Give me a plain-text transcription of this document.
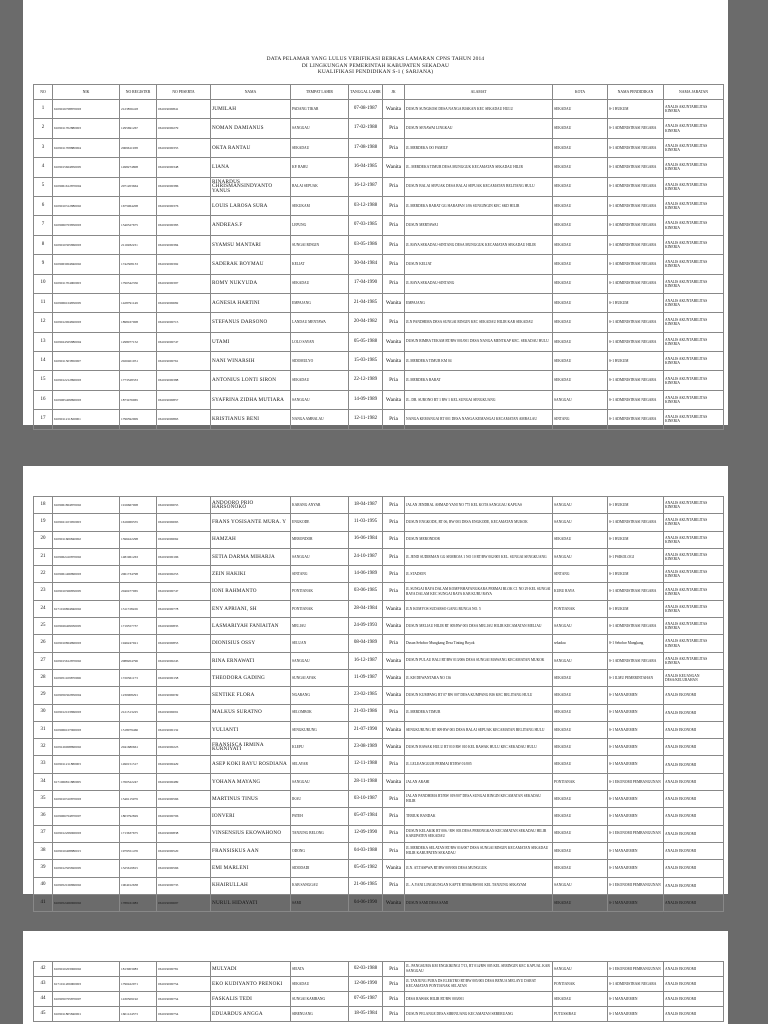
DATA PELAMAR YANG LULUS VERIFIKASI BERKAS LAMARAN CPNS TAHUN 2014
DI LINGKUNGAN PEMERINTAH KABUPATEN SEKADAU
KUALIFIKASI PENDIDIKAN S-1 ( SARJANA)
NO	NIK	NO REGISTER	NO PESERTA	NAMA	TEMPAT LAHIR	TANGGAL LAHIR	JK	ALAMAT	KOTA	NAMA PENDIDIKAN	NAMA JABATAN
1	6109016708870003	2123856418	061019000841	JUMILAH	PADANG TIKAR	07-08-1987	Wanita	DUSUN SUNGKOSI DESA NANGA BIAKAN KEC SEKADAU HULU	SEKADAU	S-1 HUKUM	ANALIS AKUNTABILITAS KINERJA
2	6109011702880003	1295691267	061019000279	NOMAN DAMIANUS	SANGGAU	17-02-1988	Pria	DUSUN SENAWAI LINGKAU	SEKADAU	S-1 ADMINISTRASI NEGARA	ANALIS AKUNTABILITAS KINERJA
3	6109011708880004	2069611938	061019000355	OKTA RANTAU	SEKADAU	17-08-1988	Pria	JL MERDEKA OO FAMILY	SEKADAU	S-1 ADMINISTRASI NEGARA	ANALIS AKUNTABILITAS KINERJA
4	6109015604850005	1498274808	061019000348	LIANA	KP. BARU	16-04-1985	Wanita	JL. MERDEKA TIMUR DESA MUNGGUK KECAMATAN SEKADAU HILIR	SEKADAU	S-1 ADMINISTRASI NEGARA	ANALIS AKUNTABILITAS KINERJA
5	6109061612870004	2071203664	061019000386	RINARDUS CHRISMANSINDYANTO YANUS	BALAI SEPUAK	16-12-1987	Pria	DUSUN BALAI SEPUAK DESA BALAI SEPUAK KECAMATAN BELITANG HULU	SEKADAU	S-1 ADMINISTRASI NEGARA	ANALIS AKUNTABILITAS KINERJA
6	6109010312880002	1675964208	061019000376	LOUIS LAROSA SURA	SEKUKAM	03-12-1988	Pria	JL MERDEKA BARAT GG HARAPAN 1/06 SUNGINGIN KEC SKD HILIR	SEKADAU	S-1 ADMINISTRASI NEGARA	ANALIS AKUNTABILITAS KINERJA
7	6109060703850003	1540327675	061019000383	ANDREAS.F	LEPUNG	07-03-1985	Pria	DUSUN MERTAWAI	SEKADAU	S-1 ADMINISTRASI NEGARA	ANALIS AKUNTABILITAS KINERJA
8	6109010305860003	2110282231	061019000384	SYAMSU MANTARI	SUNGAI RINGIN	03-05-1986	Pria	JL RAYA SEKADAU-SINTANG DESA MUNGGUK KECAMATAN SEKADAU HILIR	SEKADAU	S-1 ADMINISTRASI NEGARA	ANALIS AKUNTABILITAS KINERJA
9	6109063004840002	1742308133	061019000392	SADERAK BOYMAU	KELIAT	30-04-1984	Pria	DUSUN KELIAT	SEKADAU	S-1 ADMINISTRASI NEGARA	ANALIS AKUNTABILITAS KINERJA
10	6109011704900003	1790342356	061019000397	ROMY NUKYUDA	SEKADAU	17-04-1990	Pria	JL RAYA SEKADAU-SINTANG	SEKADAU	S-1 ADMINISTRASI NEGARA	ANALIS AKUNTABILITAS KINERJA
11	6109066104850005	1428791149	061019000682	AGNESIA HARTINI	EMPAJANG	21-04-1985	Wanita	EMPAJANG	SEKADAU	S-1 HUKUM	ANALIS AKUNTABILITAS KINERJA
12	6109012004820003	1898167008	061019000715	STEFANUS DARSONO	LANDAU MENTAWA	20-04-1982	Pria	JLN PANDHIMA DESA SUNGAI RINGIN KEC SEKADAU HILIR KAB SEKADAU	SEKADAU	S-1 ADMINISTRASI NEGARA	ANALIS AKUNTABILITAS KINERJA
13	6109024505880004	1298077152	061019000747	UTAMI	LOLO SAYAN	05-05-1988	Wanita	DUSUN RIMBA TEKAM RT/RW 001/001 DESA NANGA MENTKAP KEC. SEKADAU HULU	SEKADAU	S-1 ADMINISTRASI NEGARA	ANALIS AKUNTABILITAS KINERJA
14	6109011503850007	2020401051	061019000761	NANI WINARSIH	SIDOMULYO	15-03-1985	Wanita	JL MERDEKA TIMUR KM 04	SEKADAU	S-1 HUKUM	ANALIS AKUNTABILITAS KINERJA
15	6109012212890003	1773328333	061019000388	ANTONIUS LONTI SIRON	SEKADAU	22-12-1989	Pria	JL MERDEKA BARAT	SEKADAU	S-1 ADMINISTRASI NEGARA	ANALIS AKUNTABILITAS KINERJA
16	6109065409890003	1873476965	061019000857	SYAFRINA ZIDHA MUTIARA	SANGGAU	14-09-1989	Wanita	JL. DR. SURONO RT 1 RW 1 KEL SUNGAI SENGKUANG	SANGGAU	S-1 ADMINISTRASI NEGARA	ANALIS AKUNTABILITAS KINERJA
17	6109011211820001	1796592909	061019000863	KRISTIANUS BENI	NANGA AMBALAU	12-11-1982	Pria	NANGA KEMANGAI RT 001 DESA NANGA KEMANGAI KECAMATAN AMBALAU	SINTANG	S-1 ADMINISTRASI NEGARA	ANALIS AKUNTABILITAS KINERJA
18	6109061804870002	1916667008	061019000055	ANDOORO PRIO HARSONOKO	KARANG ANYAR	18-04-1987	Pria	JALAN JENDRAL AHMAD YANI NO 775 KEL KOTA SANGGAU KAPUAS	SANGGAU	S-1 HUKUM	ANALIS AKUNTABILITAS KINERJA
19	6109021103950003	1616069555	061019000065	FRANS YOSISANTE MURA. Y	ENGKODE	11-03-1995	Pria	DUSUN ENGKODE, RT 06, RW 003 DESA ENGKODE, KECAMATAN MUKOK	SANGGAU	S-1 ADMINISTRASI NEGARA	ANALIS AKUNTABILITAS KINERJA
20	6109011606840002	1596422298	061019000062	HAMZAH	MERONDOR	16-06-1984	Pria	DUSUN MERONDOR	SEKADAU	S-1 HUKUM	ANALIS AKUNTABILITAS KINERJA
21	6109062410870002	1481961263	061019000196	SETIA DARMA MIHARJA	SANGGAU	24-10-1987	Pria	JL JEND SUDIRMAN GG SEMBOJA 1 NO 10 RT/RW 002/005 KEL. SUNGAI SENGKUANG	SANGGAU	S-1 PSIKOLOGI	ANALIS AKUNTABILITAS KINERJA
22	6109061406890003	2061734798	061019000253	ZEIN HAKIKI	SINTANG	14-06-1989	Pria	JL STADION	SINTANG	S-1 HUKUM	ANALIS AKUNTABILITAS KINERJA
23	6109010306850005	2040477065	061019000747	IONI RAHMANTO	PONTIANAK	03-06-1985	Pria	JL SUNGAI RAYA DALAM KOMP BHAYANGKARA PERMAI BLOK C1 NO 29 KEL SUNGAI RAYA DALAM KEC SUNGAI RAYA KAB KUBU RAYA	KUBU RAYA	S-1 ADMINISTRASI NEGARA	ANALIS AKUNTABILITAS KINERJA
24	6171016804840002	1311728226	061019000778	ENY APRIANI, SH	PONTIANAK	28-04-1984	Wanita	JLN KOMYOS SUDARSO GANG BUNGA NO. 5	PONTIANAK	S-1 HUKUM	ANALIS AKUNTABILITAS KINERJA
25	6109026409930005	1719557737	061019000835	LASMARIYAH FANIAITAN	MELIAU	24-09-1993	Wanita	DUSUN MELIAU HILIR RT 005/RW 003 DESA MELIAU HILIR KECAMATAN MELIAU	SANGGAU	S-1 ADMINISTRASI NEGARA	ANALIS AKUNTABILITAS KINERJA
26	6109010804890003	1946247921	061019000853	DIONISIUS OSSY	SELUAN	08-04-1989	Pria	Dusun Sebobor Mungkang Desa Tinting Boyok	sekadau	S-1 Sebobor Mungkang	ANALIS AKUNTABILITAS KINERJA
27	6109015612870002	2088204796	061019000245	RINA ERNAWATI	SANGGAU	16-12-1987	Wanita	DUSUN PULAU BALI RT/RW 013/006 DESA SUNGAI MAWANG KECAMATAN MUKOK	SANGGAU	S-1 ADMINISTRASI NEGARA	ANALIS AKUNTABILITAS KINERJA
28	6109051109870006	1720361173	061019000158	THEODORA GADING	SUNGAI AYAK	11-09-1987	Wanita	JL KH DEWANTARA NO 136	SEKADAU	S-1 ILMU PEMERINTAHAN	ANALIS KEUANGAN DESA/KELURAHAN
29	6109056302850004	1230908291	061019000039	SENTIKE FLORA	NGARANG	23-02-1985	Wanita	DUSUN KUMPANG RT 07 RW 007 DESA KUMPANG BIS KEC BELITANG HULU	SEKADAU	S-1 MANAJEMEN	ANALIS EKONOMI
30	6109012103860003	2121513225	061019000091	MALKUS SURATNO	SELOMBOK	21-03-1986	Pria	JL MERDEKA TIMUR	SEKADAU	S-1 MANAJEMEN	ANALIS EKONOMI
31	6109066107900003	1518079466	061019000132	YULIANTI	SENGKURUNG	21-07-1990	Wanita	SENGKURUNG RT 009 RW 003 DESA BALAI SEPUAK KECAMATAN BELITANG HULU	SEKADAU	S-1 MANAJEMEN	ANALIS EKONOMI
32	6109126008890002	2041680661	061019000223	FRANSISCA IRMINA KURNIYATI	KLEPU	23-08-1989	Wanita	DUSUN RAWAK HULU RT 010 RW 010 KEL RAWAK HULU KEC SEKADAU HULU	SEKADAU	S-1 MANAJEMEN	ANALIS EKONOMI
33	6109011211880003	1490151517	061019000429	ASEP KOKI RAYU ROSDIANA	SELAYAR	12-11-1988	Pria	JL LELEANGGUR PERMAI RT/RW 01/005	SEKADAU	S-1 MANAJEMEN	ANALIS EKONOMI
34	6171066811880005	1760522247	061019000489	YOHANA MAYANG	SANGGAU	28-11-1988	Wanita	JALAN ARAHI	PONTIANAK	S-1 EKONOMI PEMBANGUNAN	ANALIS EKONOMI
35	6109010310870003	1546115979	061019000566	MARTINUS TINUS	IKAU	03-10-1987	Pria	JALAN PANDHIMA RT/RW 019/007 DESA SUNGAI RINGIN KECAMATAN SEKADAU HILIR	SEKADAU	S-1 MANAJEMEN	ANALIS EKONOMI
36	6109066704870007	1803792829	061019000706	IONVERI	PATEH	05-07-1984	Pria	TEBIUK BANDAK	SEKADAU	S-1 MANAJEMEN	ANALIS EKONOMI
37	6109012209900003	1713637675	061019000838	VINSENSIUS EKOWAHONO	TANJUNG BELONG	12-09-1990	Pria	DUSUN KELAKIK RT 006 / RW 003 DESA PERONGKAN KECAMATAN SEKADAU HILIR KABUPATEN SEKADAU	SEKADAU	S-1 EKONOMI PEMBANGUNAN	ANALIS EKONOMI
38	6109010408880015	1979351476	061019000520	FRANSISKUS AAN	ODONG	04-03-1988	Pria	JL MERDEKA SELATAN RT/RW 016/007 DESA SUNGAI RINGIN KECAMATAN SEKADAU HILIR KABUPATEN SEKADAU	SEKADAU	S-1 MANAJEMEN	ANALIS EKONOMI
39	6109012505820005	1325619815	061019000566	EMI MARLENI	SIDODADI	05-05-1982	Wanita	JLN. AT.TASPWA RT/RW 009/003 DESA MUNGGUK	SEKADAU	S-1 MANAJEMEN	ANALIS EKONOMI
40	6109052106860002	1904012638	061019000735	KHAIRULLAH	KAB SANGGAU	21-06-1985	Pria	JL. A.YANI LINGKUNGAN KAPTE RT004/RW001 KEL TANJUNG SEKAYAM	SANGGAU	S-1 EKONOMI PEMBANGUNAN	ANALIS EKONOMI
41	6109052406900002	1788161983	061019000697	NURUL HIDAYATI	SAMI	04-06-1990	Wanita	DUSUN SAMI DESA SAMI	SEKADAU	S-1 MANAJEMEN	ANALIS EKONOMI
42	6109010203900002	1813903083	061019000781	MULYADI	SEIATA	02-03-1988	Pria	JL. PANGSUMA KM ENGKIKINGI 7/13, RT 014/RW 005 KEL SERINGIN KEC KAPUAL KAB SANGGAU	SANGGAU	S-1 EKONOMI PEMBANGUNAN	ANALIS EKONOMI
43	6171011206900003	1790422971	061019000754	EKO KUDIYANTO PRENOKI	SEKADAU	12-06-1990	Pria	JL TANJUNG PURA DS ELEKTRO RT/RW 005/003 DESA BENUA MELAYU DARAT KECAMATAN PONTIANAK SELATAN	PONTIANAK	S-1 ADMINISTRASI NEGARA	ANALIS EKONOMI
44	6109050705870007	1430509192	061019000754	FASKALIS TEDI	SUNGAI KAMBANG	07-05-1987	Pria	DESA RAWAK HILIR RT/RW 003/001	SEKADAU	S-1 MANAJEMEN	ANALIS EKONOMI
45	6109011805840001	1601124373	061019000754	EDUARDUS ANGGA	SIBENUANG	18-05-1984	Pria	DUSUN PELANGE DESA SIBENUANG KECAMATAN SEBERUANG	PUTUSSIBAU	S-1 MANAJEMEN	ANALIS EKONOMI
